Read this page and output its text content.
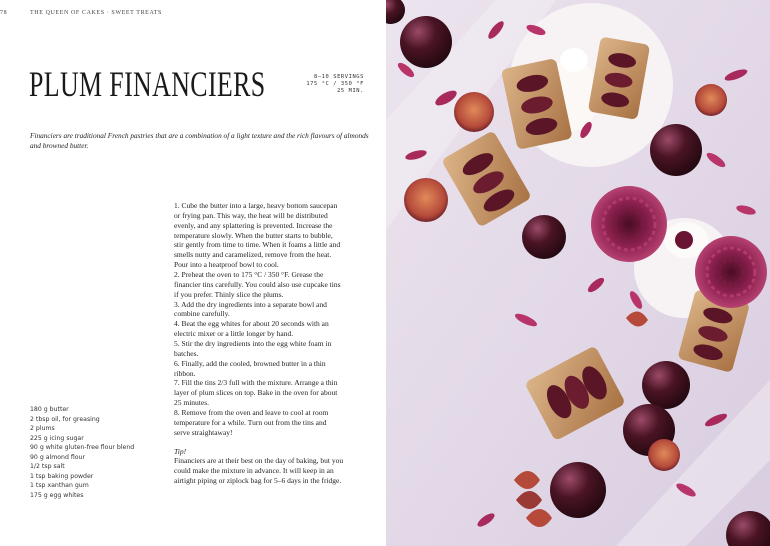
78	THE QUEEN OF CAKES · SWEET TREATS
PLUM FINANCIERS	8–10 SERVINGS
175 °C / 350 °F
25 MIN.

Financiers are traditional French pastries that are a combination of a light texture and the rich flavours of almonds and browned butter.

1. Cube the butter into a large, heavy bottom saucepan or frying pan. This way, the heat will be distributed evenly, and any splattering is prevented. Increase the temperature slowly. When the butter starts to bubble, stir gently from time to time. When it foams a little and smells nutty and caramelized, remove from the heat. Pour into a heatproof bowl to cool.

2. Preheat the oven to 175 °C / 350 °F. Grease the financier tins carefully. You could also use cupcake tins if you prefer. Thinly slice the plums.

3. Add the dry ingredients into a separate bowl and combine carefully.

4. Beat the egg whites for about 20 seconds with an electric mixer or a little longer by hand.

5. Stir the dry ingredients into the egg white foam in batches.

6. Finally, add the cooled, browned butter in a thin ribbon.

7. Fill the tins 2/3 full with the mixture. Arrange a thin layer of plum slices on top. Bake in the oven for about 25 minutes.

8. Remove from the oven and leave to cool at room temperature for a while. Turn out from the tins and serve straightaway!

Tip!

Financiers are at their best on the day of baking, but you could make the mixture in advance. It will keep in an airtight piping or ziplock bag for 5–6 days in the fridge.

180 g butter
2 tbsp oil, for greasing
2 plums
225 g icing sugar
90 g white gluten-free flour blend
90 g almond flour
1/2 tsp salt
1 tsp baking powder
1 tsp xanthan gum
175 g egg whites
